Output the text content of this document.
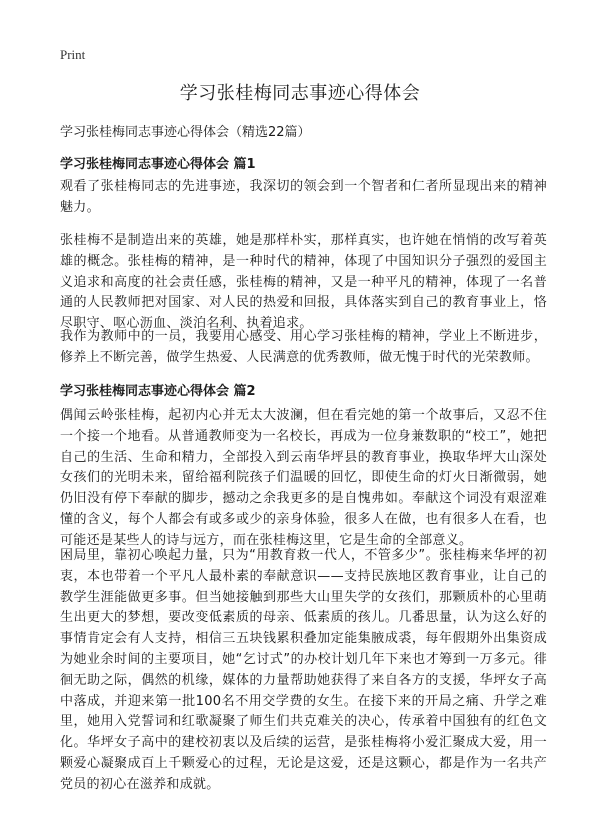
Print
学习张桂梅同志事迹心得体会
学习张桂梅同志事迹心得体会（精选22篇）
学习张桂梅同志事迹心得体会 篇1

观看了张桂梅同志的先进事迹，我深切的领会到一个智者和仁者所显现出来的精神魅力。

张桂梅不是制造出来的英雄，她是那样朴实，那样真实，也许她在悄悄的改写着英雄的概念。张桂梅的精神，是一种时代的精神，体现了中国知识分子强烈的爱国主义追求和高度的社会责任感，张桂梅的精神，又是一种平凡的精神，体现了一名普通的人民教师把对国家、对人民的热爱和回报，具体落实到自己的教育事业上，恪尽职守、呕心沥血、淡泊名利、执着追求。

我作为教师中的一员，我要用心感受、用心学习张桂梅的精神，学业上不断进步，修养上不断完善，做学生热爱、人民满意的优秀教师，做无愧于时代的光荣教师。

学习张桂梅同志事迹心得体会 篇2

偶闻云岭张桂梅，起初内心并无太大波澜，但在看完她的第一个故事后，又忍不住一个接一个地看。从普通教师变为一名校长，再成为一位身兼数职的“校工”，她把自己的生活、生命和精力，全部投入到云南华坪县的教育事业，换取华坪大山深处女孩们的光明未来，留给福利院孩子们温暖的回忆，即使生命的灯火日渐微弱，她仍旧没有停下奉献的脚步，撼动之余我更多的是自愧弗如。奉献这个词没有艰涩难懂的含义，每个人都会有或多或少的亲身体验，很多人在做，也有很多人在看，也可能还是某些人的诗与远方，而在张桂梅这里，它是生命的全部意义。

困局里，靠初心唤起力量，只为“用教育救一代人，不管多少”。张桂梅来华坪的初衷，本也带着一个平凡人最朴素的奉献意识——支持民族地区教育事业，让自己的教学生涯能做更多事。但当她接触到那些大山里失学的女孩们，那颗质朴的心里萌生出更大的梦想，要改变低素质的母亲、低素质的孩儿。几番思量，认为这么好的事情肯定会有人支持，相信三五块钱累积叠加定能集腋成裘，每年假期外出集资成为她业余时间的主要项目，她“乞讨式”的办校计划几年下来也才筹到一万多元。徘徊无助之际，偶然的机缘，媒体的力量帮助她获得了来自各方的支援，华坪女子高中落成，并迎来第一批100名不用交学费的女生。在接下来的开局之痛、升学之难里，她用入党誓词和红歌凝聚了师生们共克难关的决心，传承着中国独有的红色文化。华坪女子高中的建校初衷以及后续的运营，是张桂梅将小爱汇聚成大爱，用一颗爱心凝聚成百上千颗爱心的过程，无论是这爱，还是这颗心，都是作为一名共产党员的初心在滋养和成就。
